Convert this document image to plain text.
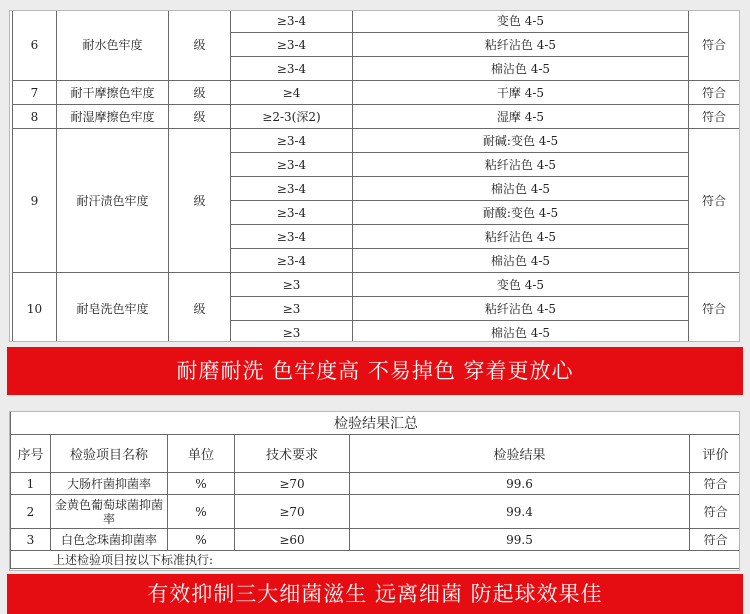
6	耐水色牢度	级	≥3-4	变色 4-5	符合
			≥3-4	粘纤沾色 4-5	
			≥3-4	棉沾色 4-5	
7	耐干摩擦色牢度	级	≥4	干摩 4-5	符合
8	耐湿摩擦色牢度	级	≥2-3(深2)	湿摩 4-5	符合
9	耐汗渍色牢度	级	≥3-4	耐碱:变色 4-5	符合
			≥3-4	粘纤沾色 4-5	
			≥3-4	棉沾色 4-5	
			≥3-4	耐酸:变色 4-5	
			≥3-4	粘纤沾色 4-5	
			≥3-4	棉沾色 4-5	
10	耐皂洗色牢度	级	≥3	变色 4-5	符合
			≥3	粘纤沾色 4-5	
			≥3	棉沾色 4-5	
耐磨耐洗 色牢度高 不易掉色 穿着更放心
检验结果汇总					
序号	检验项目名称	单位	技术要求	检验结果	评价
1	大肠杆菌抑菌率	%	≥70	99.6	符合
2	金黄色葡萄球菌抑菌率	%	≥70	99.4	符合
3	白色念珠菌抑菌率	%	≥60	99.5	符合
上述检验项目按以下标准执行:					
有效抑制三大细菌滋生 远离细菌 防起球效果佳
